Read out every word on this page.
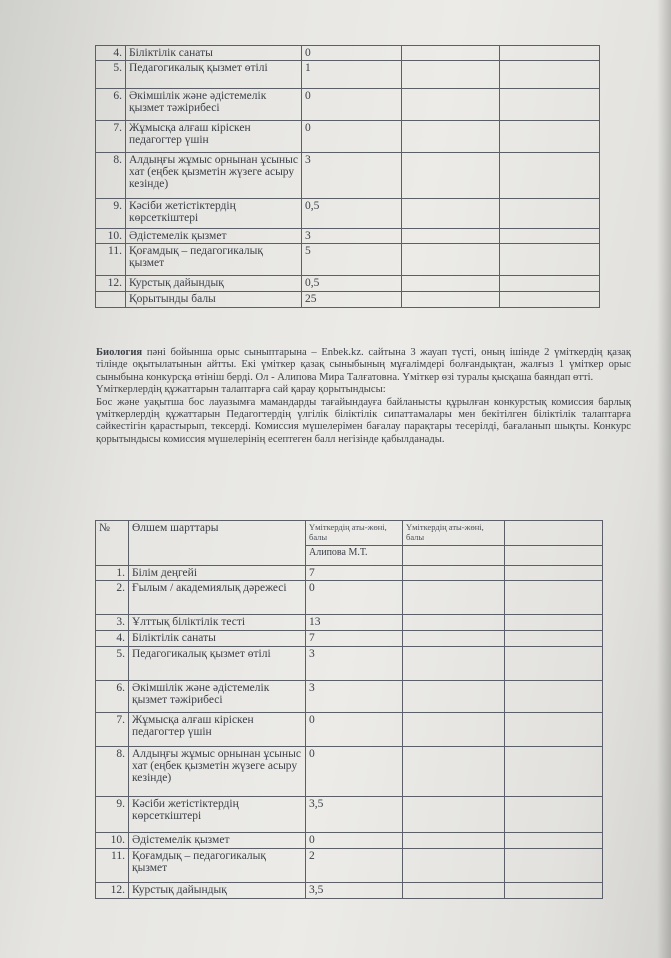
4.	Біліктілік санаты	0		
5.	Педагогикалық қызмет өтілі	1		
6.	Әкімшілік және әдістемелік қызмет тәжірибесі	0		
7.	Жұмысқа алғаш кіріскен педагогтер үшін	0		
8.	Алдыңғы жұмыс орнынан ұсыныс хат (еңбек қызметін жүзеге асыру кезінде)	3		
9.	Кәсіби жетістіктердің көрсеткіштері	0,5		
10.	Әдістемелік қызмет	3		
11.	Қоғамдық – педагогикалық қызмет	5		
12.	Курстық дайындық	0,5		
	Қорытынды балы	25		

Биология пәні бойынша орыс сыныптарына – Enbek.kz. сайтына 3 жауап түсті, оның ішінде 2 үміткердің қазақ тілінде оқытылатынын айтты. Екі үміткер қазақ сыныбының мұғалімдері болғандықтан, жалғыз 1 үміткер орыс сыныбына конкурсқа өтініш берді. Ол - Алипова Мира Талғатовна. Үміткер өзі туралы қысқаша баяндап өтті.

Үміткерлердің құжаттарын талаптарға сай қарау қорытындысы:

Бос және уақытша бос лауазымға мамандарды тағайындауға байланысты құрылған конкурстық комиссия барлық үміткерлердің құжаттарын Педагогтердің үлгілік біліктілік сипаттамалары мен бекітілген біліктілік талаптарға сәйкестігін қарастырып, тексерді. Комиссия мүшелерімен бағалау парақтары тесерілді, бағаланып шықты. Конкурс қорытындысы комиссия мүшелерінің есептеген балл негізінде қабылданады.

№	Өлшем шарттары	Үміткердің аты-жөні, балы	Үміткердің аты-жөні, балы	
		Алипова М.Т.		
1.	Білім деңгейі	7		
2.	Ғылым / академиялық дәрежесі	0		
3.	Ұлттық біліктілік тесті	13		
4.	Біліктілік санаты	7		
5.	Педагогикалық қызмет өтілі	3		
6.	Әкімшілік және әдістемелік қызмет тәжірибесі	3		
7.	Жұмысқа алғаш кіріскен педагогтер үшін	0		
8.	Алдыңғы жұмыс орнынан ұсыныс хат (еңбек қызметін жүзеге асыру кезінде)	0		
9.	Кәсіби жетістіктердің көрсеткіштері	3,5		
10.	Әдістемелік қызмет	0		
11.	Қоғамдық – педагогикалық қызмет	2		
12.	Курстық дайындық	3,5		
